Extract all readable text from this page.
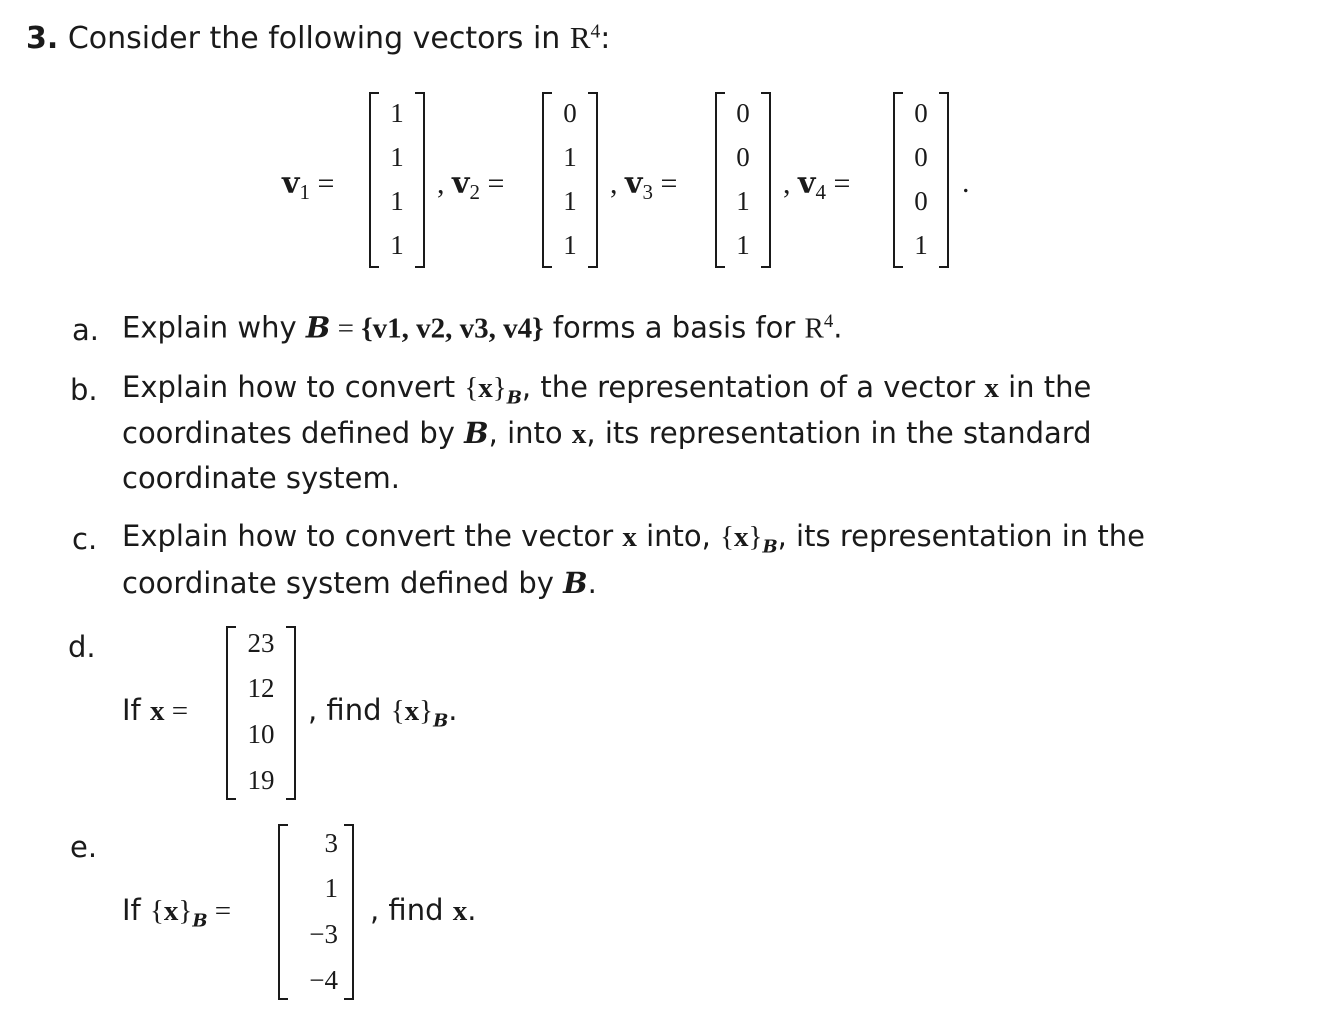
3. Consider the following vectors in $R^4$:
$v_1$ =
1
1
1
1
, $v_2$ =
0
1
1
1
, $v_3$ =
0
0
1
1
, $v_4$ =
0
0
0
1
.
a. Explain why B = {v1, v2, v3, v4} forms a basis for $R^4$.
b. Explain how to convert $\{x\}_B$, the representation of a vector x in the
coordinates defined by B, into x, its representation in the standard
coordinate system.
c. Explain how to convert the vector x into, $\{x\}_B$, its representation in the
coordinate system defined by B.
d.
If x =
23
12
10
19
, find $\{x\}_B$.
e.
If $\{x\}_B$ =
3
1
−3
−4
, find x.
